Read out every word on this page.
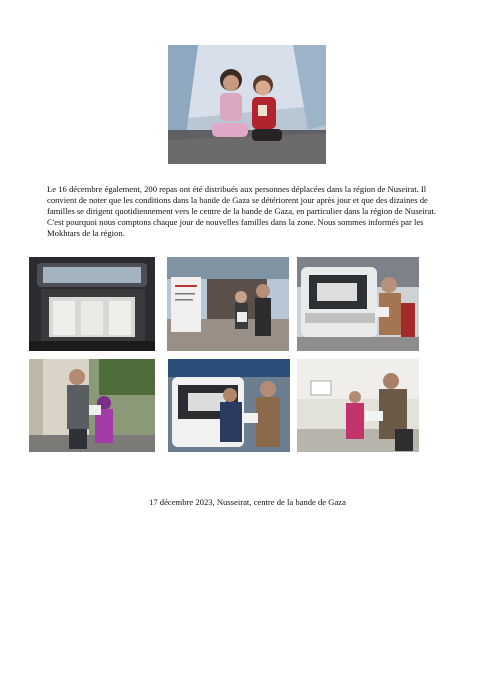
Le 16 décembre également, 200 repas ont été distribués aux personnes déplacées dans la région de Nuseirat. Il convient de noter que les conditions dans la bande de Gaza se détériorent jour après jour et que des dizaines de familles se dirigent quotidiennement vers le centre de la bande de Gaza, en particulier dans la région de Nuseirat. C'est pourquoi nous comptons chaque jour de nouvelles familles dans la zone. Nous sommes informés par les Mokhtars de la région.

17 décembre 2023, Nusseirat, centre de la bande de Gaza
